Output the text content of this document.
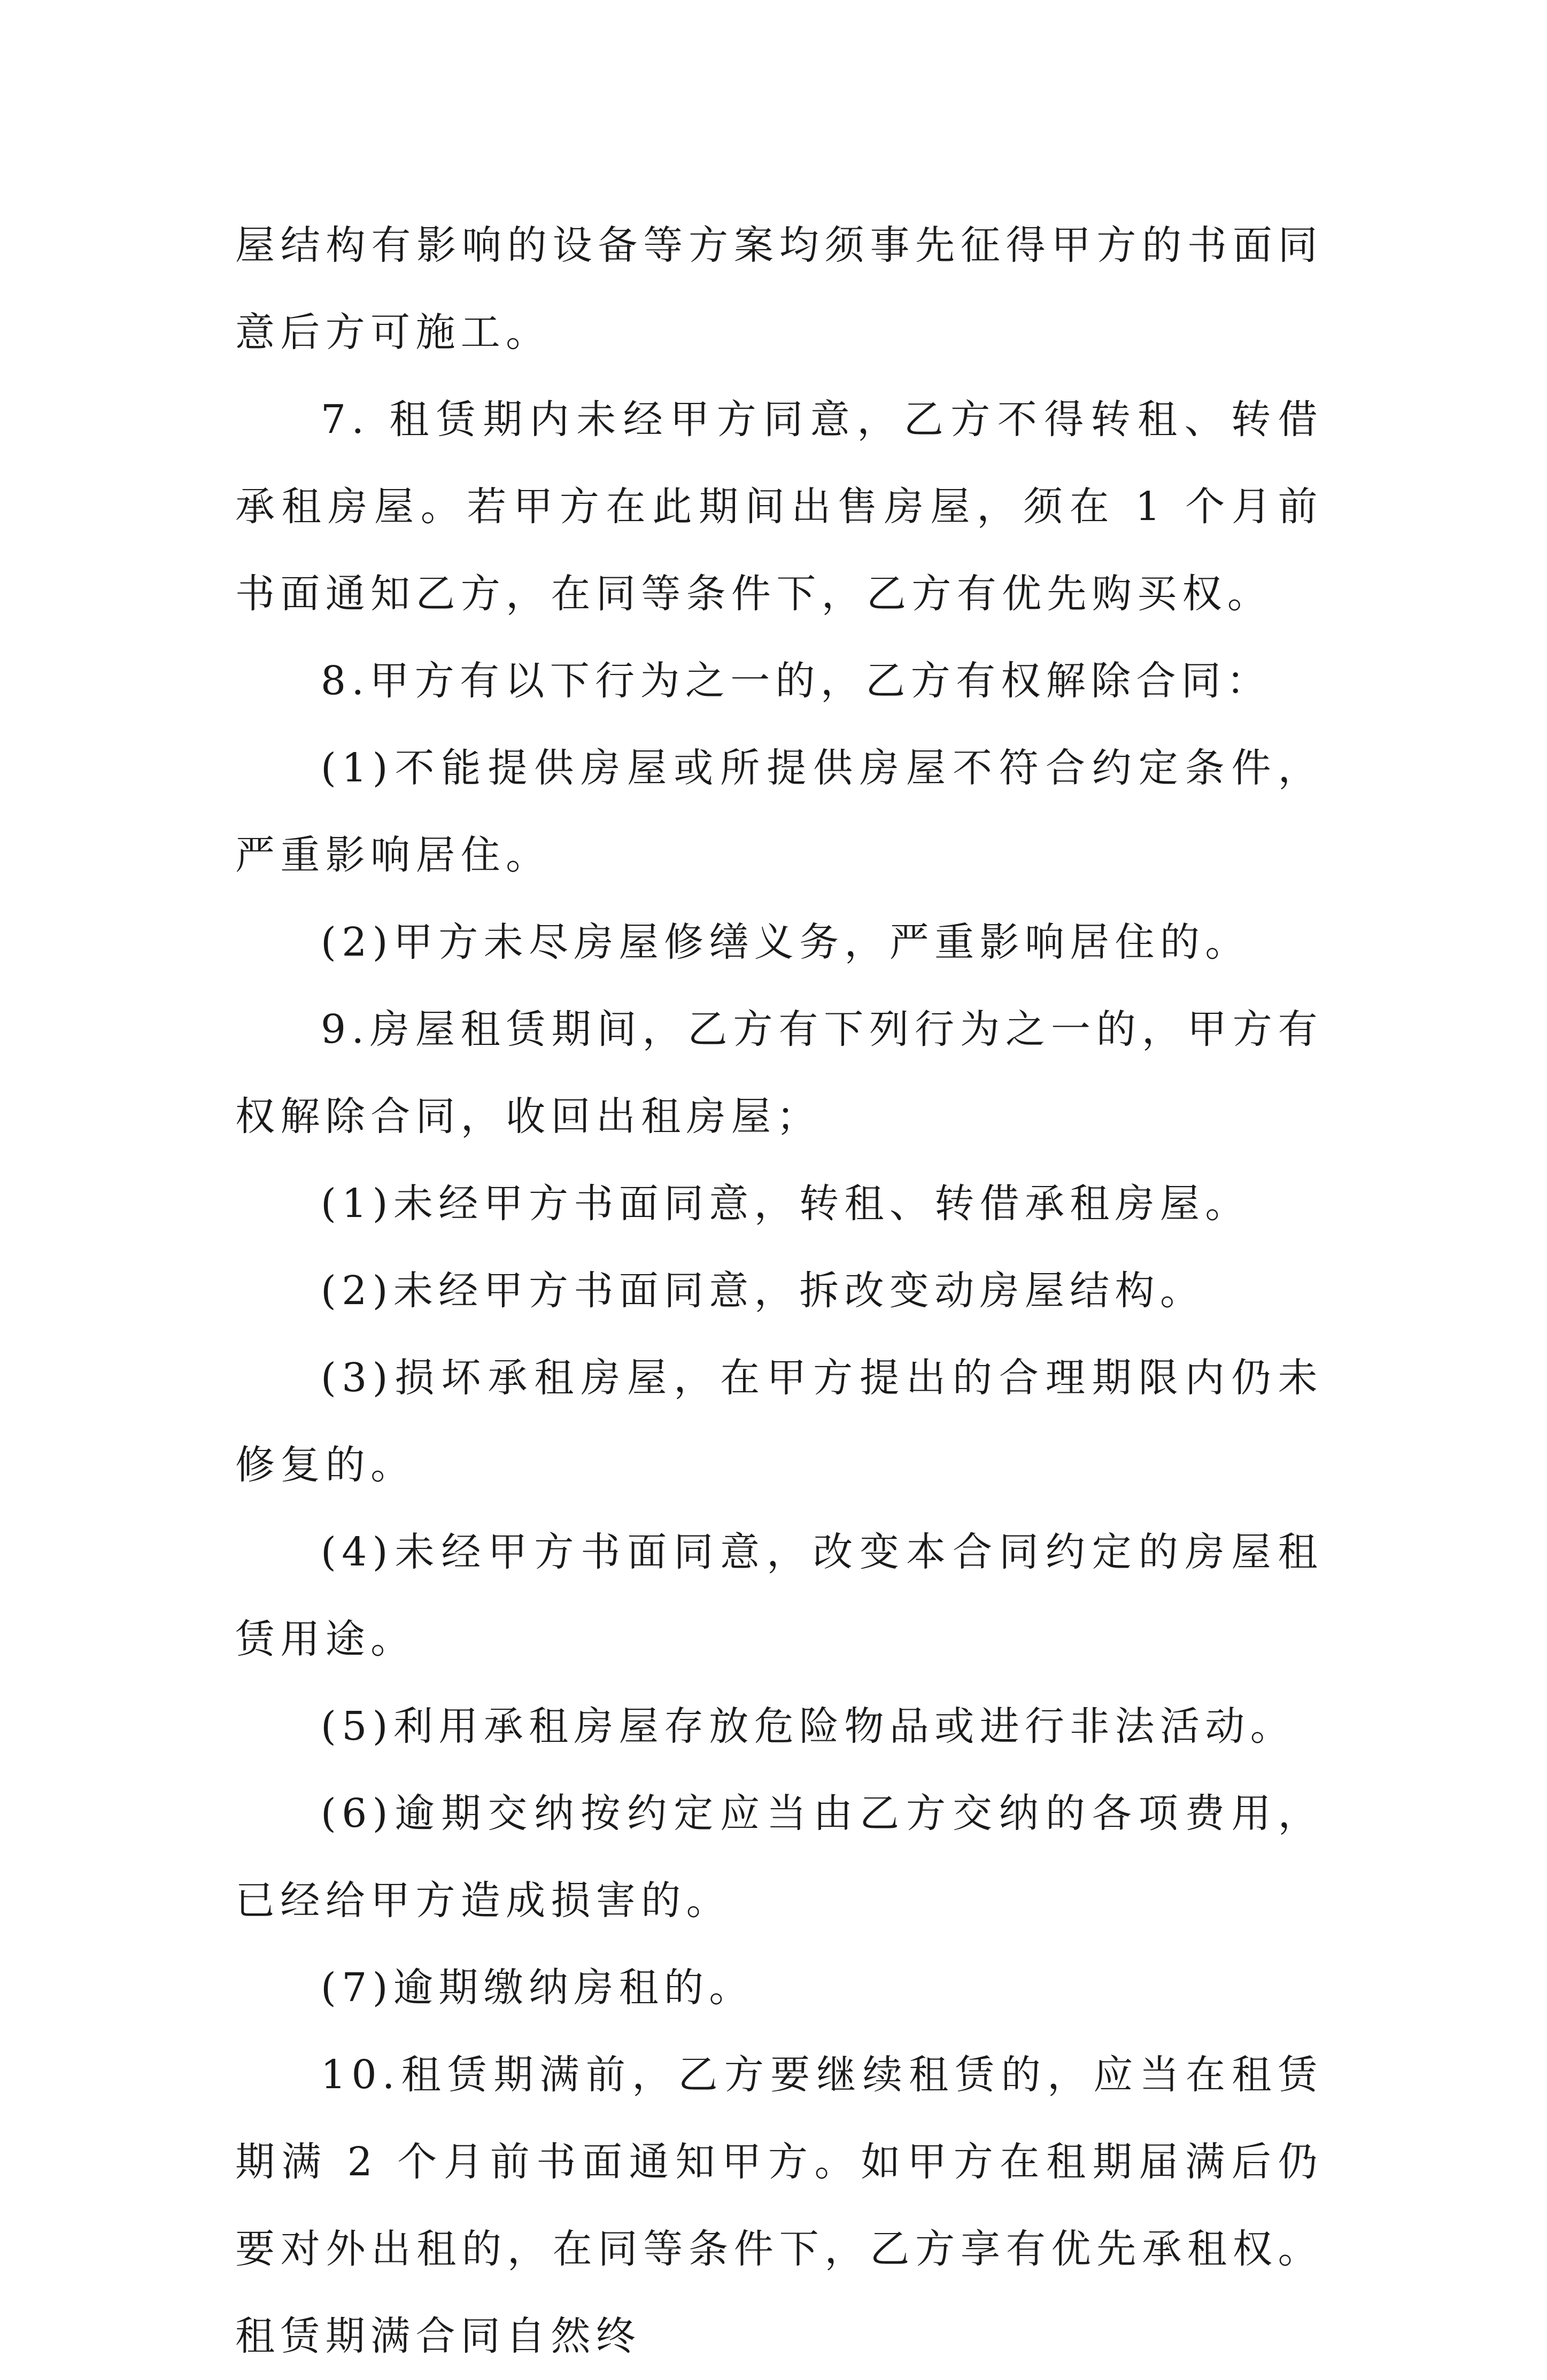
屋结构有影响的设备等方案均须事先征得甲方的书面同意后方可施工。

7. 租赁期内未经甲方同意，乙方不得转租、转借承租房屋。若甲方在此期间出售房屋，须在 1 个月前书面通知乙方，在同等条件下，乙方有优先购买权。

8.甲方有以下行为之一的，乙方有权解除合同：

(1)不能提供房屋或所提供房屋不符合约定条件，严重影响居住。

(2)甲方未尽房屋修缮义务，严重影响居住的。

9.房屋租赁期间，乙方有下列行为之一的，甲方有权解除合同，收回出租房屋；

(1)未经甲方书面同意，转租、转借承租房屋。

(2)未经甲方书面同意，拆改变动房屋结构。

(3)损坏承租房屋，在甲方提出的合理期限内仍未修复的。

(4)未经甲方书面同意，改变本合同约定的房屋租赁用途。

(5)利用承租房屋存放危险物品或进行非法活动。

(6)逾期交纳按约定应当由乙方交纳的各项费用，已经给甲方造成损害的。

(7)逾期缴纳房租的。

10.租赁期满前，乙方要继续租赁的，应当在租赁期满 2 个月前书面通知甲方。如甲方在租期届满后仍要对外出租的，在同等条件下，乙方享有优先承租权。租赁期满合同自然终
